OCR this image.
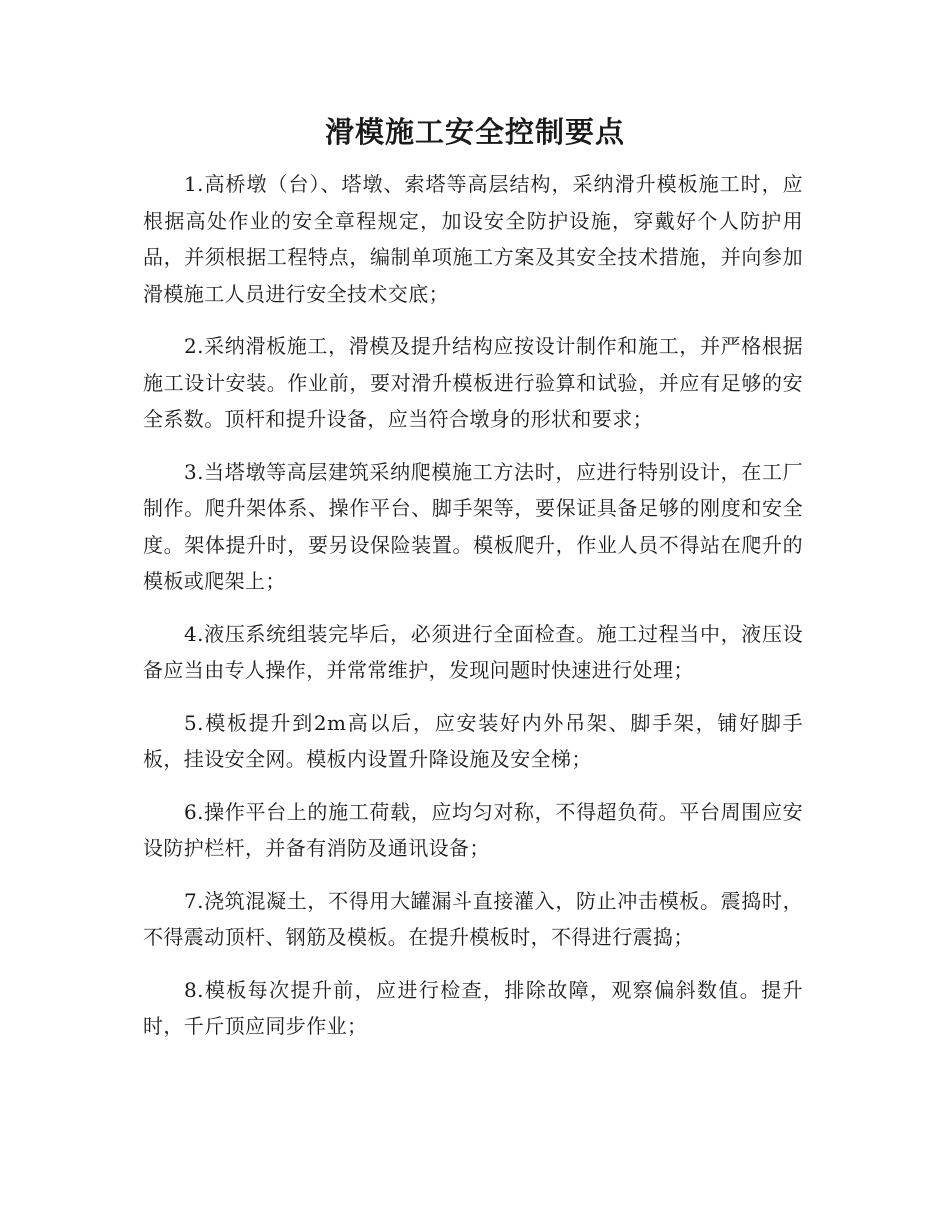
滑模施工安全控制要点

1.高桥墩（台）、塔墩、索塔等高层结构，采纳滑升模板施工时，应根据高处作业的安全章程规定，加设安全防护设施，穿戴好个人防护用品，并须根据工程特点，编制单项施工方案及其安全技术措施，并向参加滑模施工人员进行安全技术交底；

2.采纳滑板施工，滑模及提升结构应按设计制作和施工，并严格根据施工设计安装。作业前，要对滑升模板进行验算和试验，并应有足够的安全系数。顶杆和提升设备，应当符合墩身的形状和要求；

3.当塔墩等高层建筑采纳爬模施工方法时，应进行特别设计，在工厂制作。爬升架体系、操作平台、脚手架等，要保证具备足够的刚度和安全度。架体提升时，要另设保险装置。模板爬升，作业人员不得站在爬升的模板或爬架上；

4.液压系统组装完毕后，必须进行全面检查。施工过程当中，液压设备应当由专人操作，并常常维护，发现问题时快速进行处理；

5.模板提升到2m高以后，应安装好内外吊架、脚手架，铺好脚手板，挂设安全网。模板内设置升降设施及安全梯；

6.操作平台上的施工荷载，应均匀对称，不得超负荷。平台周围应安设防护栏杆，并备有消防及通讯设备；

7.浇筑混凝土，不得用大罐漏斗直接灌入，防止冲击模板。震捣时，不得震动顶杆、钢筋及模板。在提升模板时，不得进行震捣；

8.模板每次提升前，应进行检查，排除故障，观察偏斜数值。提升时，千斤顶应同步作业；
